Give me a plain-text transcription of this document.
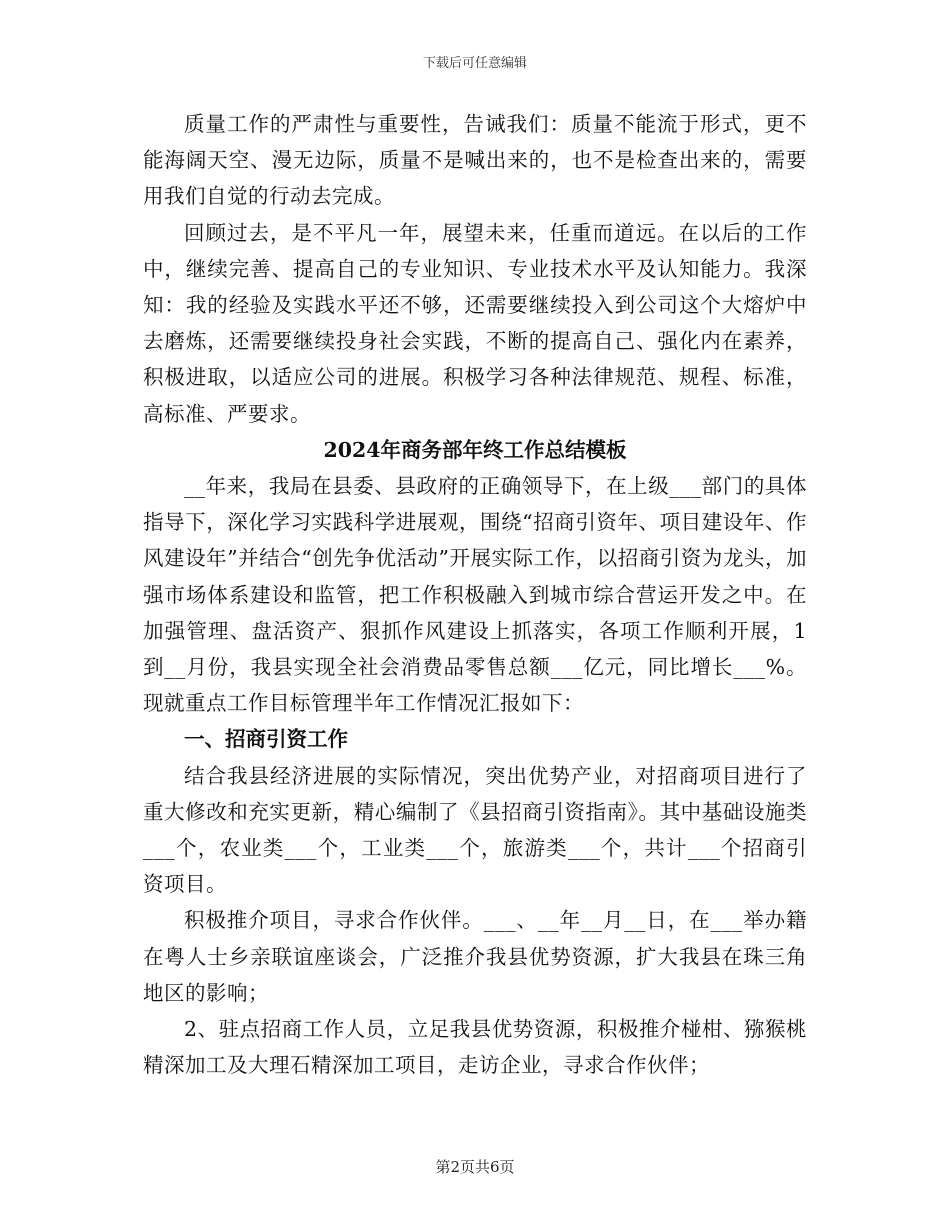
下载后可任意编辑

质量工作的严肃性与重要性，告诫我们：质量不能流于形式，更不能海阔天空、漫无边际，质量不是喊出来的，也不是检查出来的，需要用我们自觉的行动去完成。

回顾过去，是不平凡一年，展望未来，任重而道远。在以后的工作中，继续完善、提高自己的专业知识、专业技术水平及认知能力。我深知：我的经验及实践水平还不够，还需要继续投入到公司这个大熔炉中去磨炼，还需要继续投身社会实践，不断的提高自己、强化内在素养，积极进取，以适应公司的进展。积极学习各种法律规范、规程、标准，高标准、严要求。

2024年商务部年终工作总结模板

__年来，我局在县委、县政府的正确领导下，在上级___部门的具体指导下，深化学习实践科学进展观，围绕“招商引资年、项目建设年、作风建设年”并结合“创先争优活动”开展实际工作，以招商引资为龙头，加强市场体系建设和监管，把工作积极融入到城市综合营运开发之中。在加强管理、盘活资产、狠抓作风建设上抓落实，各项工作顺利开展，1到__月份，我县实现全社会消费品零售总额___亿元，同比增长___%。现就重点工作目标管理半年工作情况汇报如下：

一、招商引资工作

结合我县经济进展的实际情况，突出优势产业，对招商项目进行了重大修改和充实更新，精心编制了《县招商引资指南》。其中基础设施类___个，农业类___个，工业类___个，旅游类___个，共计___个招商引资项目。

积极推介项目，寻求合作伙伴。___、__年__月__日，在___举办籍在粤人士乡亲联谊座谈会，广泛推介我县优势资源，扩大我县在珠三角地区的影响；

2、驻点招商工作人员，立足我县优势资源，积极推介椪柑、猕猴桃精深加工及大理石精深加工项目，走访企业，寻求合作伙伴；

第2页共6页
